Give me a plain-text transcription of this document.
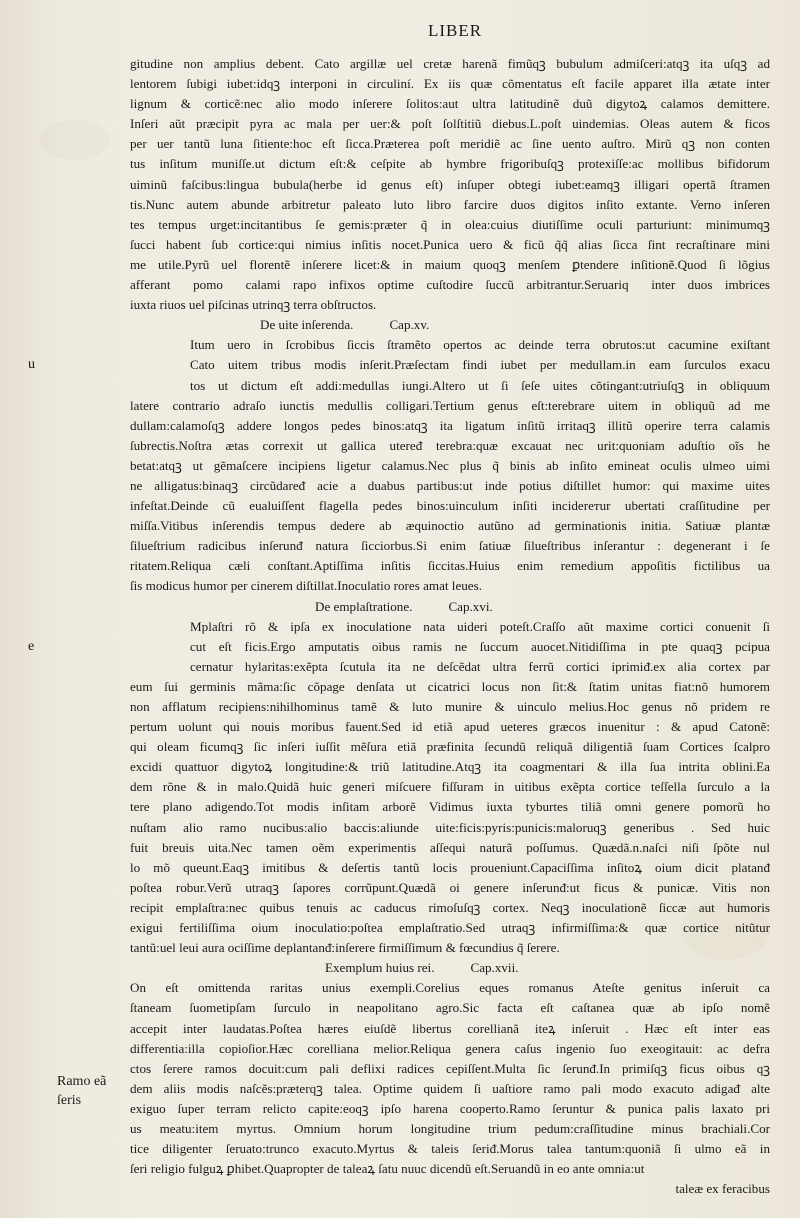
LIBER
gitudine non amplius debent. Cato argillæ uel cretæ harenã fimũqꝫ bubulum admiſceri:atqꝫ ita uſqꝫ ad
lentorem ſubigi iubet:idqꝫ interponi in circuliní. Ex iis quæ cõmentatus eſt facile apparet illa ætate inter
lignum & corticẽ:nec alio modo inſerere ſolitos:aut ultra latitudinẽ duũ digytoꝝ calamos demittere.
Inſeri aũt præcipit pyra ac mala per uer:& poſt ſolſtitiũ diebus.L.poſt uindemias. Oleas autem & ficos
per uer tantũ luna ſitiente:hoc eſt ſicca.Præterea poſt meridiẽ ac ſine uento auſtro. Mirũ qꝫ non conten
tus inſitum muniſſe.ut dictum eſt:& ceſpite ab hymbre frigoribuſqꝫ protexiſſe:ac mollibus bifidorum
uiminũ faſcibus:lingua bubula(herbe id genus eſt) inſuper obtegi iubet:eamqꝫ illigari opertã ſtramen
tis.Nunc autem abunde arbitretur paleato luto libro farcire duos digitos inſito extante. Verno inſeren
tes tempus urget:incitantibus ſe gemis:præter q̃ in olea:cuius diutiſſime oculi parturiunt: minimumqꝫ
ſucci habent ſub cortice:qui nimius inſitis nocet.Punica uero & ficũ q̃q̃ alias ſicca ſint recraſtinare mini
me utile.Pyrũ uel florentẽ inſerere licet:& in maium quoqꝫ menſem ꝑtendere inſitionẽ.Quod ſi lõgius
afferantᷣ pomoꝝ calami rapo infixos optime cuſtodire ſuccũ arbitrantur.Seruariqꝫ inter duos imbrices
iuxta riuos uel piſcinas utrinqꝫ terra obſtructos.
De uite inſerenda.	Cap.xv.
u
Itum uero in ſcrobibus ſiccis ſtramẽto opertos ac deinde terra obrutos:ut cacumine exiſtant
Cato uitem tribus modis inſerit.Præſectam findi iubet per medullam.in eam ſurculos exacu
tos ut dictum eſt addi:medullas iungi.Altero ut ſi ſeſe uites cõtingant:utriuſqꝫ in obliquum
latere contrario adraſo iunctis medullis colligari.Tertium genus eſt:terebrare uitem in obliquũ ad me
dullam:calamoſqꝫ addere longos pedes binos:atqꝫ ita ligatum inſitũ irritaqꝫ illitũ operire terra calamis
ſubrectis.Noſtra ætas correxit ut gallica utereᵭ terebra:quæ excauat nec urit:quoniam aduſtio oĩs he
betat:atqꝫ ut gẽmaſcere incipiens ligetur calamus.Nec plus q̃ binis ab inſito emineat oculis ulmeo uimi
ne alligatus:binaqꝫ circũdareᵭ acie a duabus partibus:ut inde potius diſtillet humor: qui maxime uites
infeſtat.Deinde cũ eualuiſſent flagella pedes binos:uinculum inſiti inciderетur ubertati craſſitudine per
miſſa.Vitibus inſerendis tempus dedere ab æquinoctio autũno ad germinationis initia. Satiuæ plantæ
ſilueſtrium radicibus inſerunᵭ natura ſicciorbus.Si enim ſatiuæ ſilueſtribus inſerantur : degenerant i ſe
ritatem.Reliqua cæli conſtant.Aptiſſima inſitis ſiccitas.Huius enim remedium appoſitis fictilibus ua
ſis modicus humor per cinerem diſtillat.Inoculatio rores amat leues.
De emplaſtratione.	Cap.xvi.
e
Mplaſtri rõ & ipſa ex inoculatione nata uideri poteſt.Craſſo aũt maxime cortici conuenit ſi
cut eſt ficis.Ergo amputatis oibus ramis ne ſuccum auocet.Nitidiſſima in pte quaqꝫ pcipua
cernatur hylaritas:exẽpta ſcutula ita ne deſcẽdat ultra ferrũ cortici iprimiᵭ.ex alia cortex par
eum ſui germinis mãma:ſic cõpage denſata ut cicatrici locus non ſit:& ſtatim unitas fiat:nõ humorem
non afflatum recipiens:nihilhominus tamẽ & luto munire & uinculo melius.Hoc genus nõ pridem re
pertum uolunt qui nouis moribus fauent.Sed id etiã apud ueteres græcos inuenitur : & apud Catonẽ:
qui oleam ficumqꝫ ſic inſeri iuſſit mẽſura etiã præfinita ſecundũ reliquã diligentiã ſuam Cortices ſcalpro
excidi quattuor digytoꝝ longitudine:& triũ latitudine.Atqꝫ ita coagmentari & illa ſua intrita oblini.Ea
dem rõne & in malo.Quidã huic generi miſcuere fiſſuram in uitibus exẽpta cortice teſſella ſurculo a la
tere plano adigendo.Tot modis inſitam arborẽ Vidimus iuxta tyburtes tiliã omni genere pomorũ ho
nuſtam alio ramo nucibus:alio baccis:aliunde uite:ficis:pyris:punicis:maloruqꝫ generibus . Sed huic
fuit breuis uita.Nec tamen oẽm experimentis aſſequi naturã poſſumus. Quædã.n.naſci niſi ſpõte nul
lo mõ queunt.Eaqꝫ imitibus & deſertis tantũ locis proueniunt.Capaciſſima inſitoꝝ oium dicit platanᵭ
poſtea robur.Verũ utraqꝫ ſapores corrũpunt.Quædã oi genere inſerunᵭ:ut ficus & punicæ. Vitis non
recipit emplaſtra:nec quibus tenuis ac caducus rimoſuſqꝫ cortex. Neqꝫ inoculationẽ ſiccæ aut humoris
exigui fertiliſſima oium inoculatio:poſtea emplaſtratio.Sed utraqꝫ infirmiſſima:& quæ cortice nitũtur
tantũ:uel leui aura ociſſime deplantanᵭ:inſerere firmiſſimum & fœcundius q̃ ſerere.
Exemplum huius rei.	Cap.xvii.
On eſt omittenda raritas unius exempli.Corelius eques romanus Ateſte genitus inſeruit ca
ſtaneam ſuometipſam ſurculo in neapolitano agro.Sic facta eſt caſtanea quæ ab ipſo nomẽ
accepit inter laudatas.Poſtea hæres eiuſdẽ libertus corellianã iteꝝ inſeruit . Hæc eſt inter eas
differentia:illa copioſior.Hæc corelliana melior.Reliqua genera caſus ingenio ſuo exeogitauit: ac defra
ctos ſerere ramos docuit:cum pali deflixi radices cepiſſent.Multa ſic ſerunᵭ.In primiſqꝫ ficus oibus qꝫ
dem aliis modis naſcẽs:præterqꝫ talea. Optime quidem ſi uaſtiore ramo pali modo exacuto adigaᵭ alte
exiguo ſuper terram relicto capite:eoqꝫ ipſo harena cooperto.Ramo ſeruntur & punica palis laxato pri
us meatu:item myrtus. Omnium horum longitudine trium pedum:craſſitudine minus brachiali.Cor
tice diligenter ſeruato:trunco exacuto.Myrtus & taleis ſeriᵭ.Morus talea tantum:quoniã ſi ulmo eã in
ſeri religio fulguꝝ ꝑhibet.Quapropter de taleaꝝ ſatu nuuc dicendũ eſt.Seruandũ in eo ante omnia:ut
taleæ ex feracibus
Ramo eã
ſeris
